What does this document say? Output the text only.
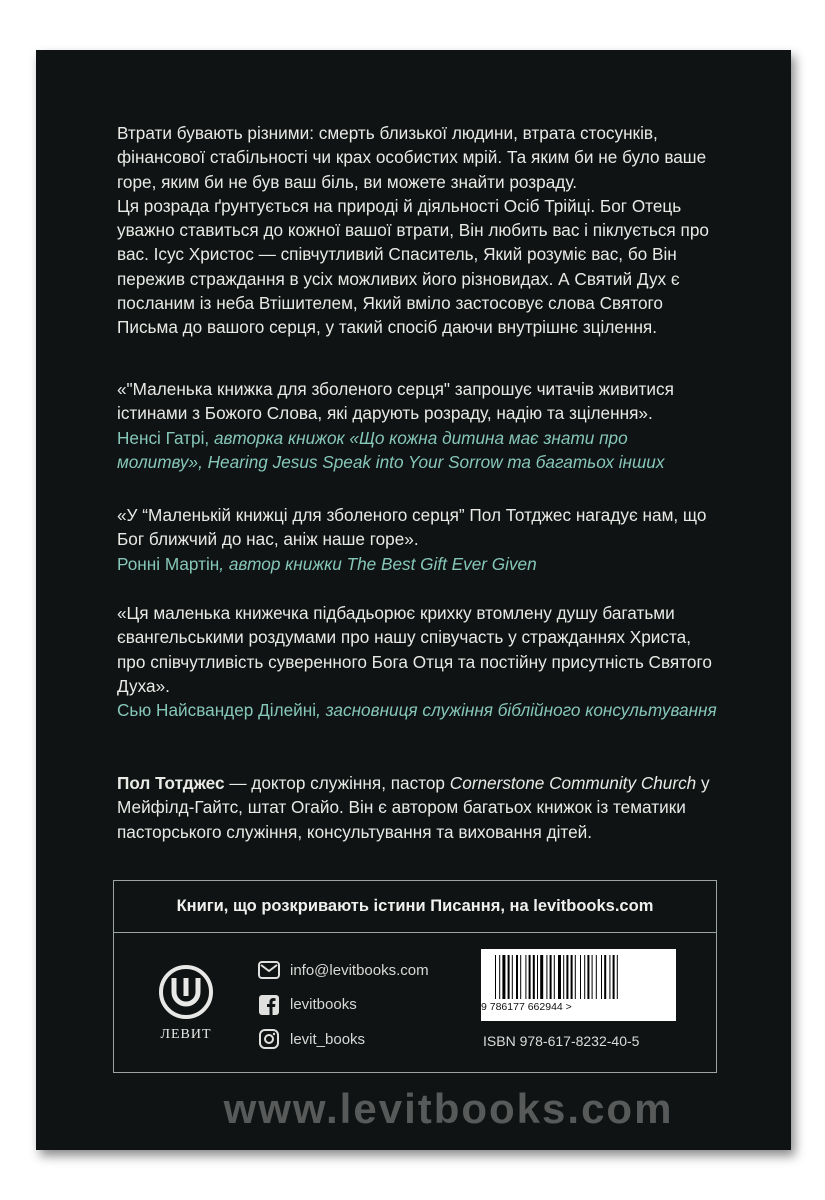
Втрати бувають різними: смерть близької людини, втрата стосунків, фінансової стабільності чи крах особистих мрій. Та яким би не було ваше горе, яким би не був ваш біль, ви можете знайти розраду.

Ця розрада ґрунтується на природі й діяльності Осіб Трійці. Бог Отець уважно ставиться до кожної вашої втрати, Він любить вас і піклується про вас. Ісус Христос — співчутливий Спаситель, Який розуміє вас, бо Він пережив страждання в усіх можливих його різновидах. А Святий Дух є посланим із неба Втішителем, Який вміло застосовує слова Святого Письма до вашого серця, у такий спосіб даючи внутрішнє зцілення.

«"Маленька книжка для зболеного серця" запрошує читачів живитися істинами з Божого Слова, які дарують розраду, надію та зцілення».
Ненсі Гатрі, авторка книжок «Що кожна дитина має знати про молитву», Hearing Jesus Speak into Your Sorrow та багатьох інших

«У “Маленькій книжці для зболеного серця” Пол Тотджес нагадує нам, що Бог ближчий до нас, аніж наше горе».
Ронні Мартін, автор книжки The Best Gift Ever Given

«Ця маленька книжечка підбадьорює крихку втомлену душу багатьми євангельськими роздумами про нашу співучасть у стражданнях Христа, про співчутливість суверенного Бога Отця та постійну присутність Святого Духа».
Сью Найсвандер Ділейні, засновниця служіння біблійного консультування

Пол Тотджес — доктор служіння, пастор Cornerstone Community Church у Мейфілд-Гайтс, штат Огайо. Він є автором багатьох книжок із тематики пасторського служіння, консультування та виховання дітей.

Книги, що розкривають істини Писання, на levitbooks.com
ЛЕВИТ
info@levitbooks.com
levitbooks
levit_books
9 786177 662944 >
ISBN 978-617-8232-40-5
www.levitbooks.com
